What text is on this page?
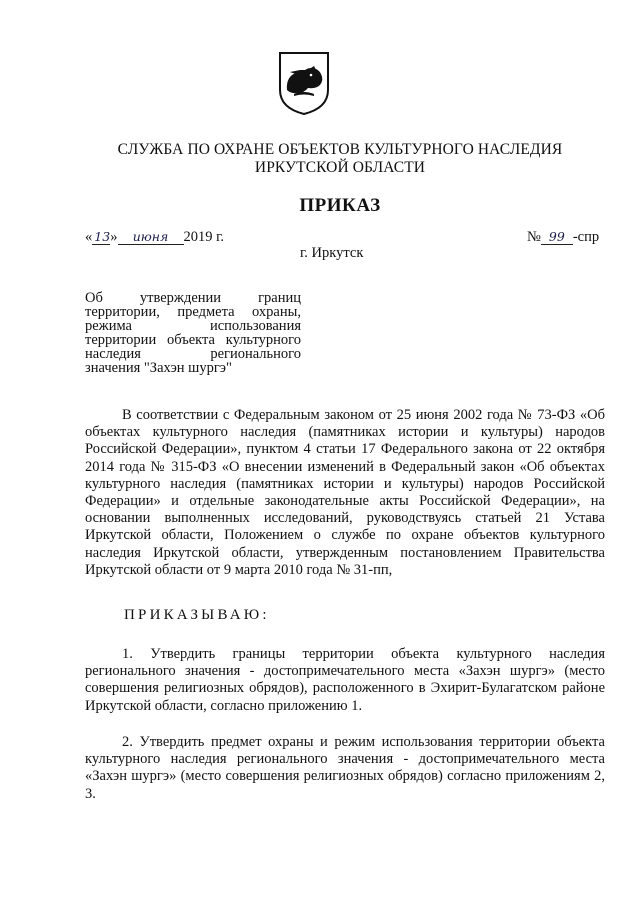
СЛУЖБА ПО ОХРАНЕ ОБЪЕКТОВ КУЛЬТУРНОГО НАСЛЕДИЯ
ИРКУТСКОЙ ОБЛАСТИ
ПРИКАЗ
« 13» июня 2019 г.	№ 99 -спр
г. Иркутск
Об утверждении границ
территории, предмета охраны,
режима использования
территории объекта культурного
наследия регионального
значения "Захэн шургэ"

В соответствии с Федеральным законом от 25 июня 2002 года № 73-ФЗ «Об объектах культурного наследия (памятниках истории и культуры) народов Российской Федерации», пунктом 4 статьи 17 Федерального закона от 22 октября 2014 года № 315-ФЗ «О внесении изменений в Федеральный закон «Об объектах культурного наследия (памятниках истории и культуры) народов Российской Федерации» и отдельные законодательные акты Российской Федерации», на основании выполненных исследований, руководствуясь статьей 21 Устава Иркутской области, Положением о службе по охране объектов культурного наследия Иркутской области, утвержденным постановлением Правительства Иркутской области от 9 марта 2010 года № 31-пп,

ПРИКАЗЫВАЮ:

1. Утвердить границы территории объекта культурного наследия регионального значения - достопримечательного места «Захэн шургэ» (место совершения религиозных обрядов), расположенного в Эхирит-Булагатском районе Иркутской области, согласно приложению 1.

2. Утвердить предмет охраны и режим использования территории объекта культурного наследия регионального значения - достопримечательного места «Захэн шургэ» (место совершения религиозных обрядов) согласно приложениям 2, 3.
